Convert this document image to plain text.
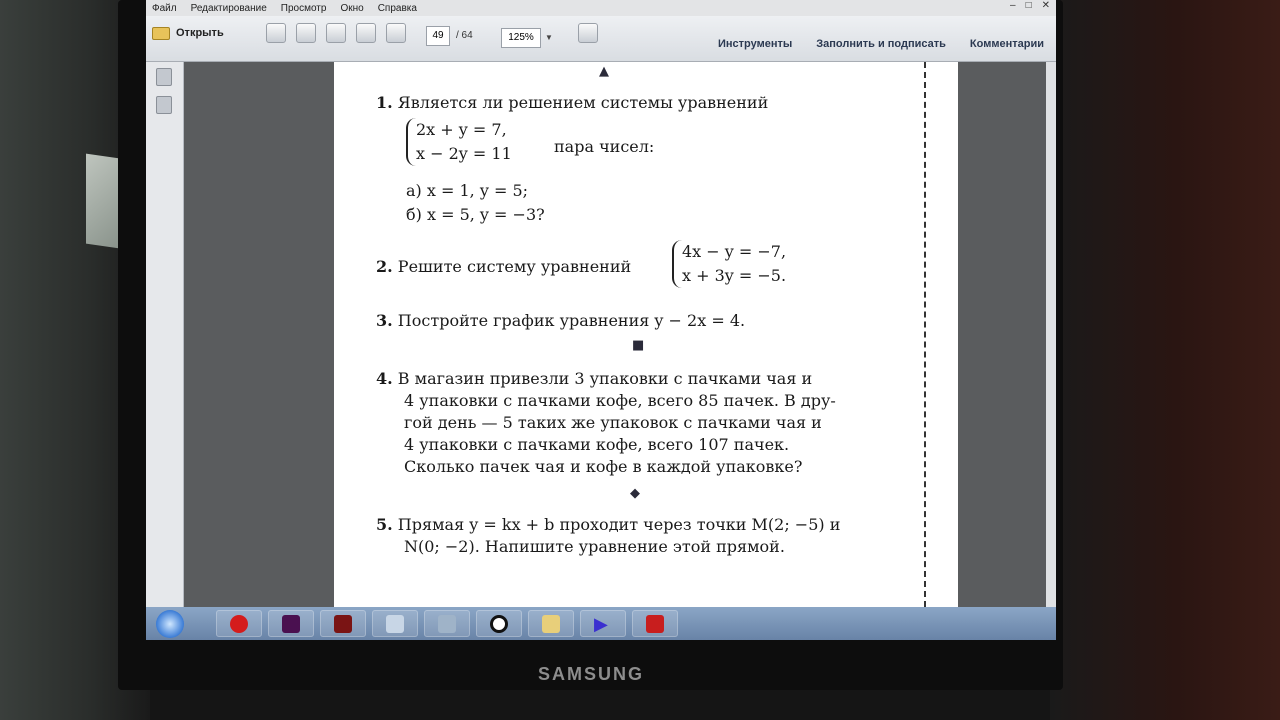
SAMSUNG
Файл Редактирование Просмотр Окно Справка	– □ ✕
Открыть	49	/ 64	125%	▼
Инструменты Заполнить и подписать Комментарии
▲
1. Является ли решением системы уравнений
2x + y = 7,
x − 2y = 11	пара чисел:
а) x = 1, y = 5;
б) x = 5, y = −3?
2. Решите систему уравнений
4x − y = −7,
x + 3y = −5.
3. Постройте график уравнения y − 2x = 4.
■
4. В магазин привезли 3 упаковки с пачками чая и
4 упаковки с пачками кофе, всего 85 пачек. В дру-
гой день — 5 таких же упаковок с пачками чая и
4 упаковки с пачками кофе, всего 107 пачек.
Сколько пачек чая и кофе в каждой упаковке?
◆
5. Прямая y = kx + b проходит через точки M(2; −5) и
N(0; −2). Напишите уравнение этой прямой.
▶
